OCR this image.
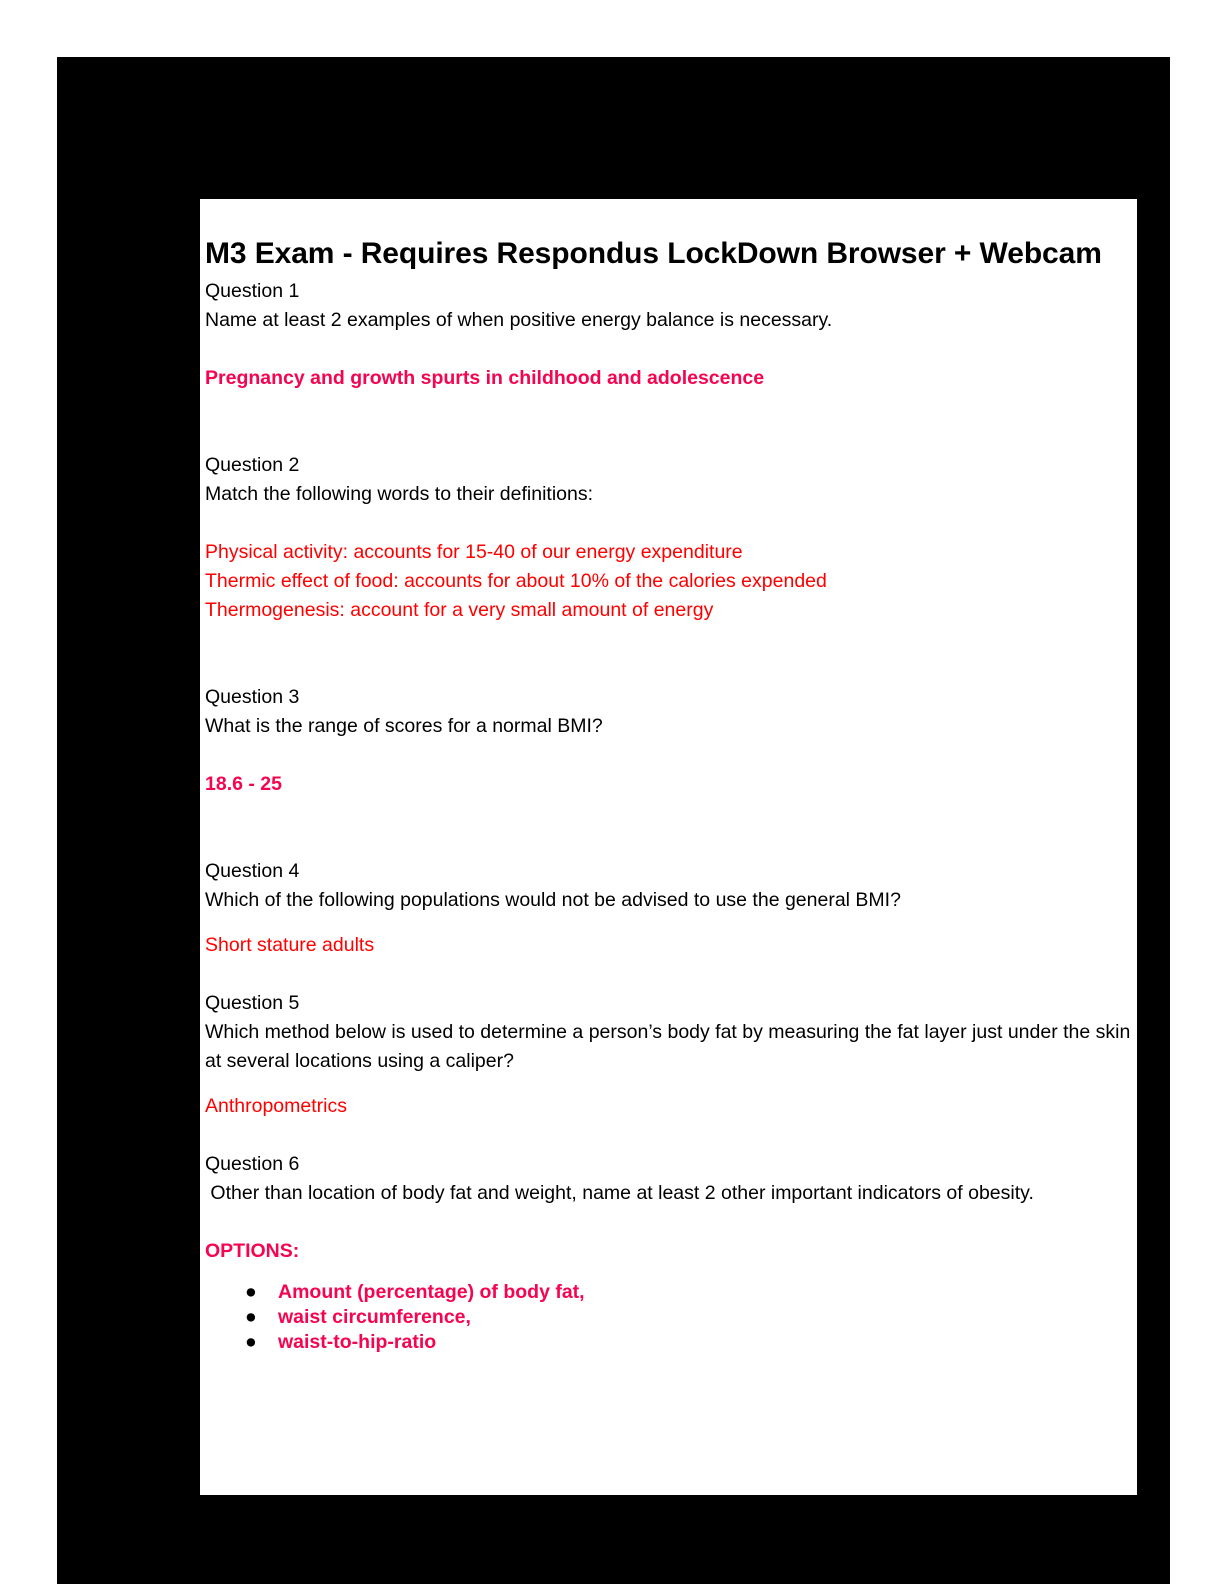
M3 Exam - Requires Respondus LockDown Browser + Webcam

Question 1

Name at least 2 examples of when positive energy balance is necessary.

Pregnancy and growth spurts in childhood and adolescence

Question 2

Match the following words to their definitions:

Physical activity: accounts for 15-40 of our energy expenditure

Thermic effect of food: accounts for about 10% of the calories expended

Thermogenesis: account for a very small amount of energy

Question 3

What is the range of scores for a normal BMI?

18.6 - 25

Question 4

Which of the following populations would not be advised to use the general BMI?

Short stature adults

Question 5

Which method below is used to determine a person’s body fat by measuring the fat layer just under the skin at several locations using a caliper?

Anthropometrics

Question 6

Other than location of body fat and weight, name at least 2 other important indicators of obesity.

OPTIONS:

● Amount (percentage) of body fat,
● waist circumference,
● waist-to-hip-ratio
